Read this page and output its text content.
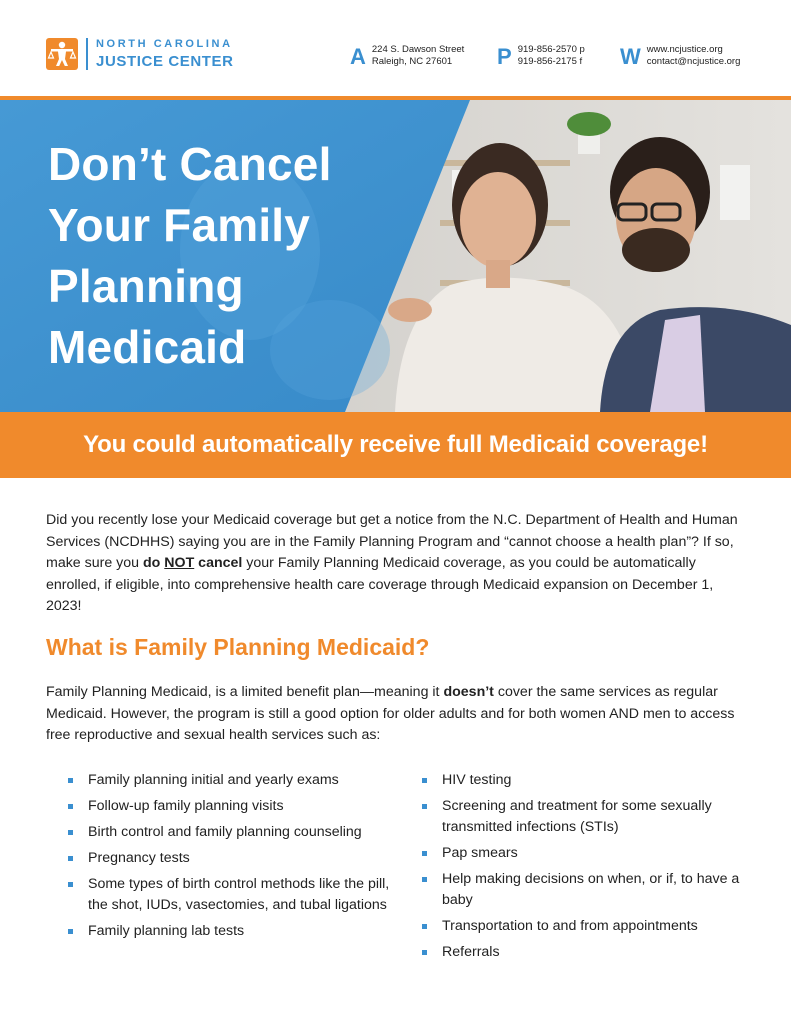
NORTH CAROLINA
JUSTICE CENTER	A 224 S. Dawson Street
Raleigh, NC 27601	P 919-856-2570 p
919-856-2175 f W www.ncjustice.org
contact@ncjustice.org
Don’t Cancel
Your Family
Planning
Medicaid
You could automatically receive full Medicaid coverage!

Did you recently lose your Medicaid coverage but get a notice from the N.C. Department of Health and Human Services (NCDHHS) saying you are in the Family Planning Program and “cannot choose a health plan”? If so, make sure you do NOT cancel your Family Planning Medicaid coverage, as you could be automatically enrolled, if eligible, into comprehensive health care coverage through Medicaid expansion on December 1, 2023!

What is Family Planning Medicaid?

Family Planning Medicaid, is a limited benefit plan—meaning it doesn’t cover the same services as regular Medicaid. However, the program is still a good option for older adults and for both women AND men to access free reproductive and sexual health services such as:

Family planning initial and yearly exams
Follow-up family planning visits
Birth control and family planning counseling
Pregnancy tests
Some types of birth control methods like the pill, the shot, IUDs, vasectomies, and tubal ligations
Family planning lab tests
HIV testing
Screening and treatment for some sexually transmitted infections (STIs)
Pap smears
Help making decisions on when, or if, to have a baby
Transportation to and from appointments
Referrals
